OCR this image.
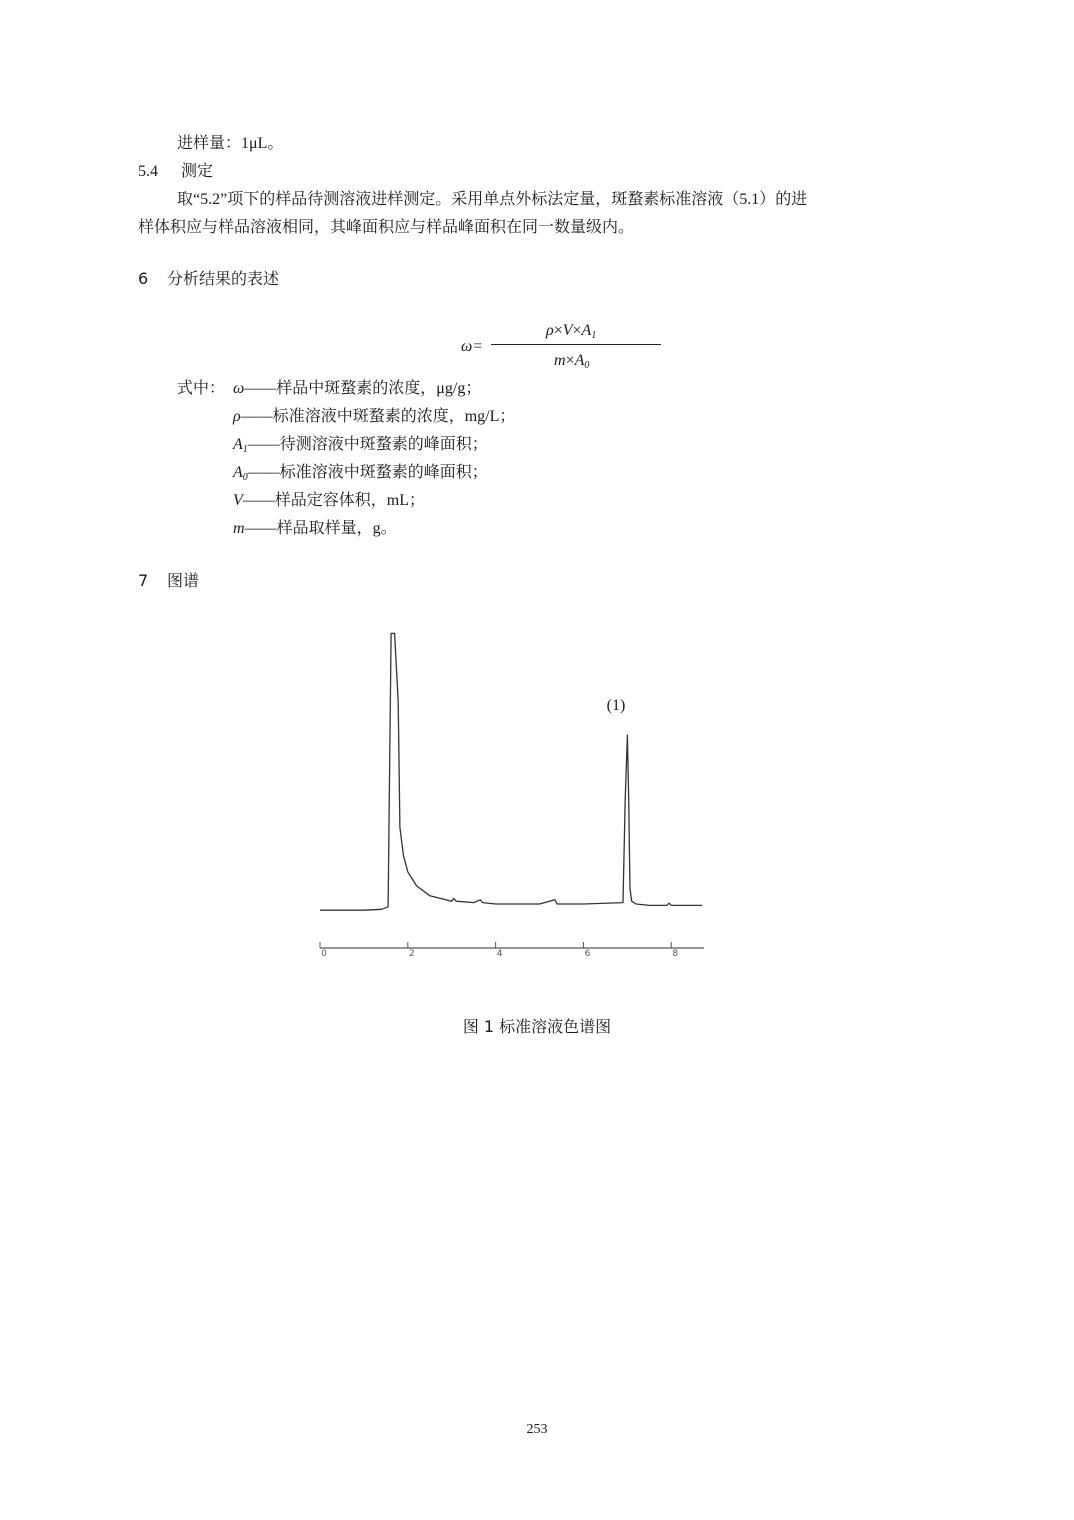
进样量：1μL。
5.4 测定
取“5.2”项下的样品待测溶液进样测定。采用单点外标法定量，斑蝥素标准溶液（5.1）的进
样体积应与样品溶液相同，其峰面积应与样品峰面积在同一数量级内。
6 分析结果的表述
ω=
$\rho\times V\times A_1$
$m\times A_0$
式中： ω——样品中斑蝥素的浓度，μg/g；
ρ——标准溶液中斑蝥素的浓度，mg/L；
$A_1——$待测溶液中斑蝥素的峰面积；
$A_0——$标准溶液中斑蝥素的峰面积；
V——样品定容体积，mL；
m——样品取样量，g。
7 图谱
0	2	4	6	8
(1)
图 1 标准溶液色谱图
253
